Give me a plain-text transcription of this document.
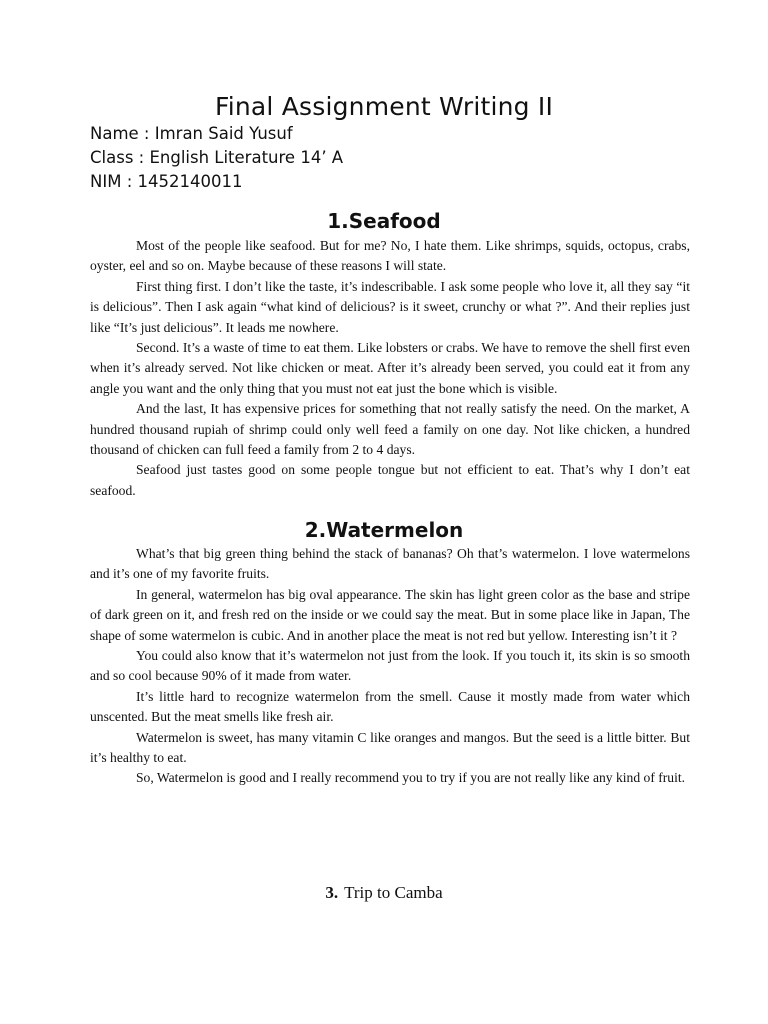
Final Assignment Writing II
Name : Imran Said Yusuf
Class : English Literature 14’ A
NIM : 1452140011
1.Seafood

Most of the people like seafood. But for me? No, I hate them. Like shrimps, squids, octopus, crabs, oyster, eel and so on. Maybe because of these reasons I will state.

First thing first. I don’t like the taste, it’s indescribable. I ask some people who love it, all they say “it is delicious”. Then I ask again “what kind of delicious? is it sweet, crunchy or what ?”. And their replies just like “It’s just delicious”. It leads me nowhere.

Second. It’s a waste of time to eat them. Like lobsters or crabs. We have to remove the shell first even when it’s already served. Not like chicken or meat. After it’s already been served, you could eat it from any angle you want and the only thing that you must not eat just the bone which is visible.

And the last, It has expensive prices for something that not really satisfy the need. On the market, A hundred thousand rupiah of shrimp could only well feed a family on one day. Not like chicken, a hundred thousand of chicken can full feed a family from 2 to 4 days.

Seafood just tastes good on some people tongue but not efficient to eat. That’s why I don’t eat seafood.

2.Watermelon

What’s that big green thing behind the stack of bananas? Oh that’s watermelon. I love watermelons and it’s one of my favorite fruits.

In general, watermelon has big oval appearance. The skin has light green color as the base and stripe of dark green on it, and fresh red on the inside or we could say the meat. But in some place like in Japan, The shape of some watermelon is cubic. And in another place the meat is not red but yellow. Interesting isn’t it ?

You could also know that it’s watermelon not just from the look. If you touch it, its skin is so smooth and so cool because 90% of it made from water.

It’s little hard to recognize watermelon from the smell. Cause it mostly made from water which unscented. But the meat smells like fresh air.

Watermelon is sweet, has many vitamin C like oranges and mangos. But the seed is a little bitter. But it’s healthy to eat.

So, Watermelon is good and I really recommend you to try if you are not really like any kind of fruit.

3. Trip to Camba
